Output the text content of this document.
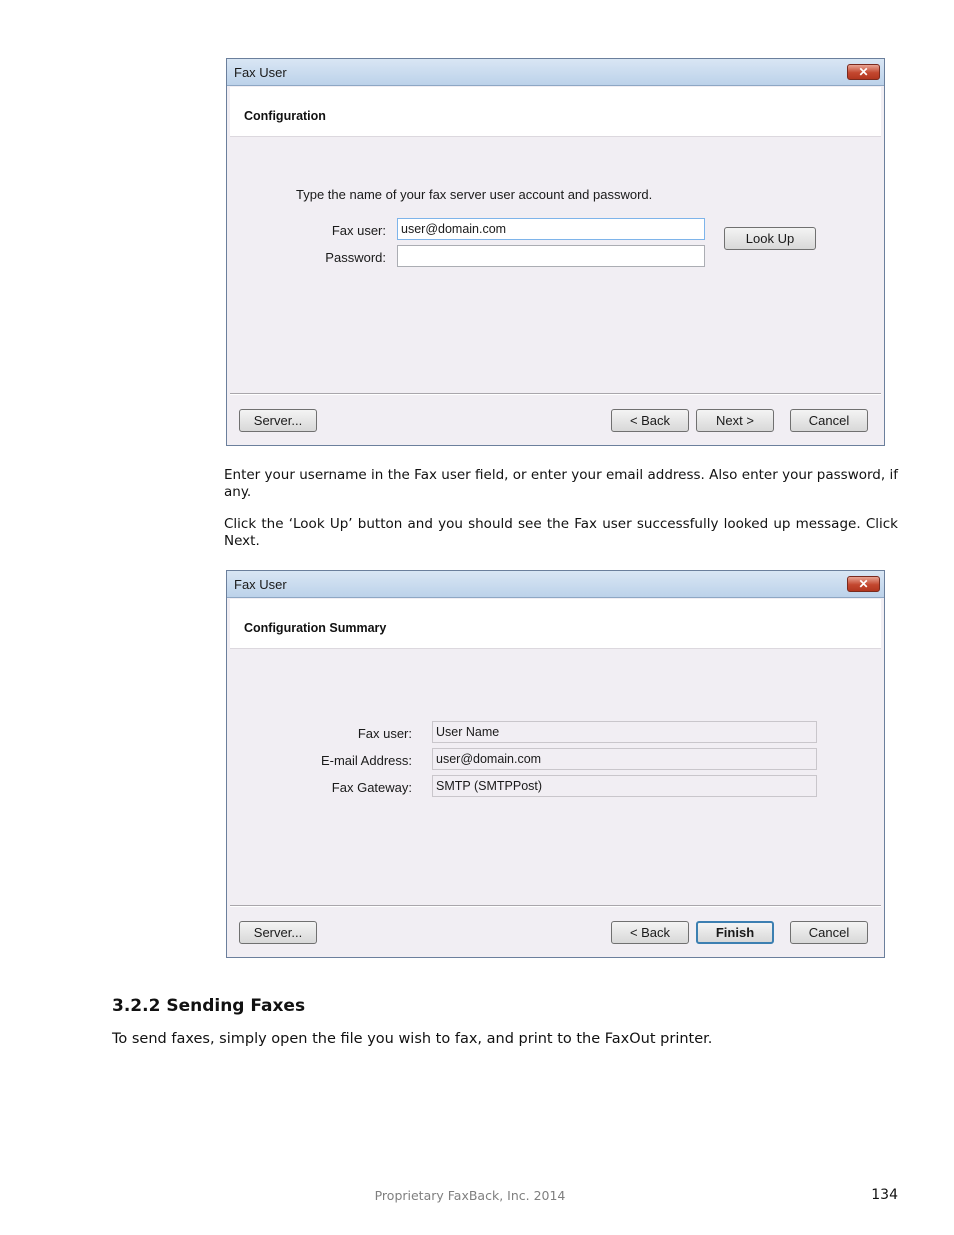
Fax User	✕
Configuration
Type the name of your fax server user account and password.
Fax user:	user@domain.com
Password:
Look Up
Server...	< Back	Next >	Cancel

Enter your username in the Fax user field, or enter your email address. Also enter your password, if any.

Click the ‘Look Up’ button and you should see the Fax user successfully looked up message. Click Next.

Fax User	✕
Configuration Summary
Fax user:	User Name
E-mail Address:	user@domain.com
Fax Gateway:	SMTP (SMTPPost)
Server...	< Back	Finish	Cancel
3.2.2 Sending Faxes

To send faxes, simply open the file you wish to fax, and print to the FaxOut printer.

Proprietary FaxBack, Inc. 2014	134
